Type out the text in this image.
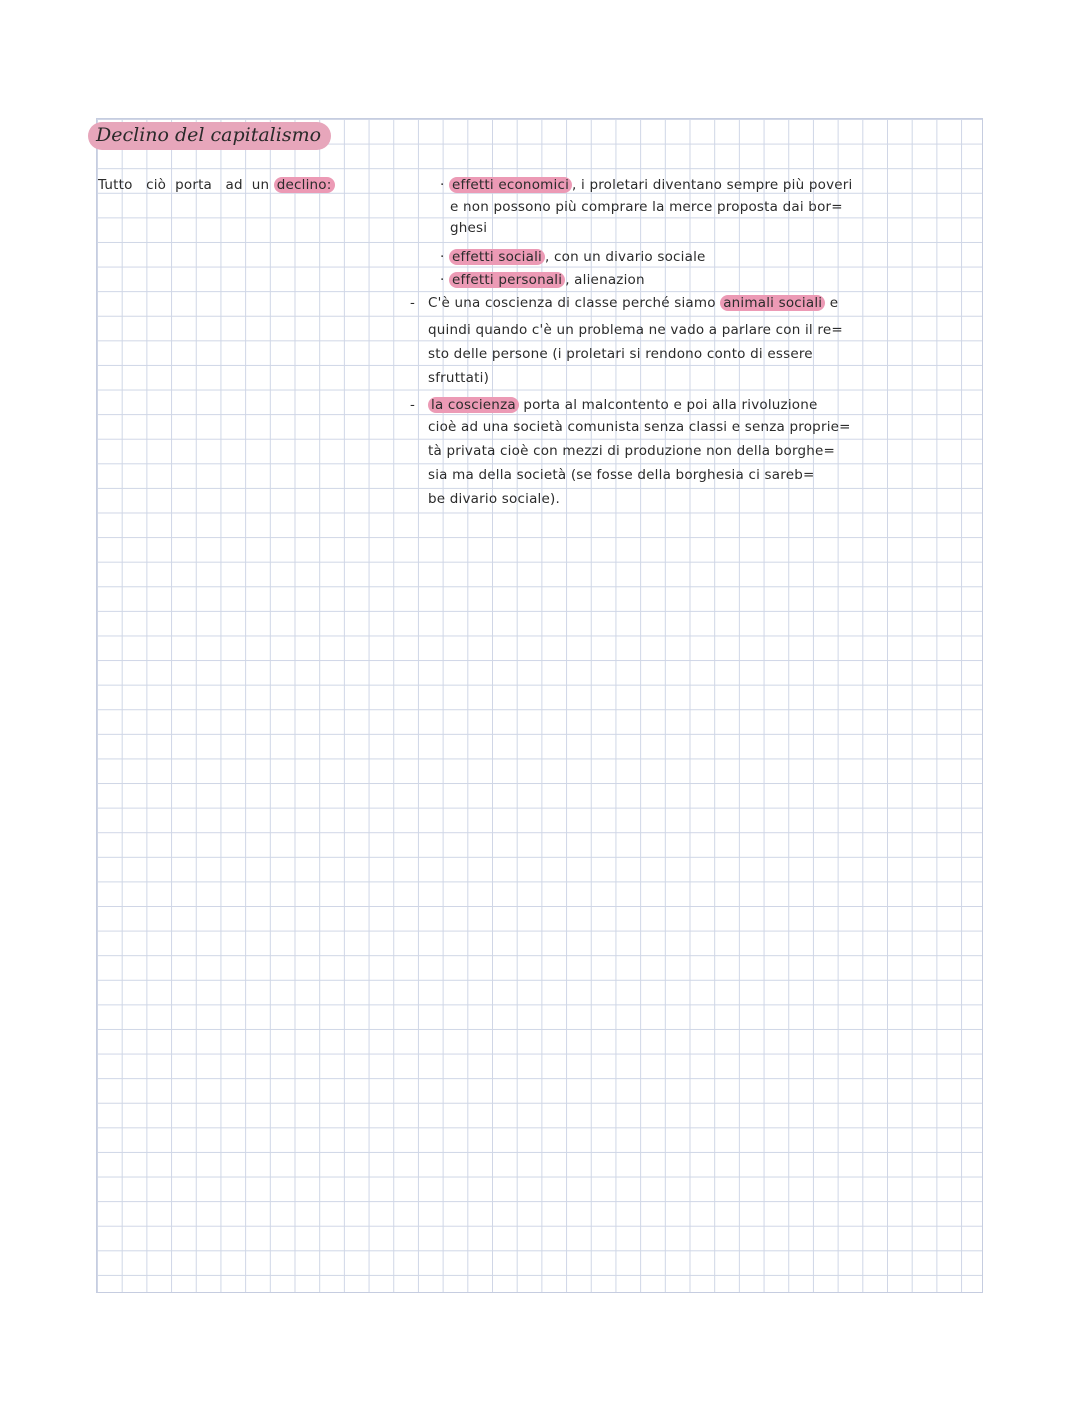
Declino del capitalismo
Tutto   ciò  porta   ad  un declino:	· effetti economici , i proletari diventano sempre più poveri
e non possono più comprare la merce proposta dai bor=
ghesi
· effetti sociali , con un divario sociale
· effetti personali , alienazion
- C'è una coscienza di classe perché siamo animali sociali e
quindi quando c'è un problema ne vado a parlare con il re=
sto delle persone (i proletari si rendono conto di essere
sfruttati)
- la coscienza porta al malcontento e poi alla rivoluzione
cioè ad una società comunista senza classi e senza proprie=
tà privata cioè con mezzi di produzione non della borghe=
sia ma della società (se fosse della borghesia ci sareb=
be divario sociale).
